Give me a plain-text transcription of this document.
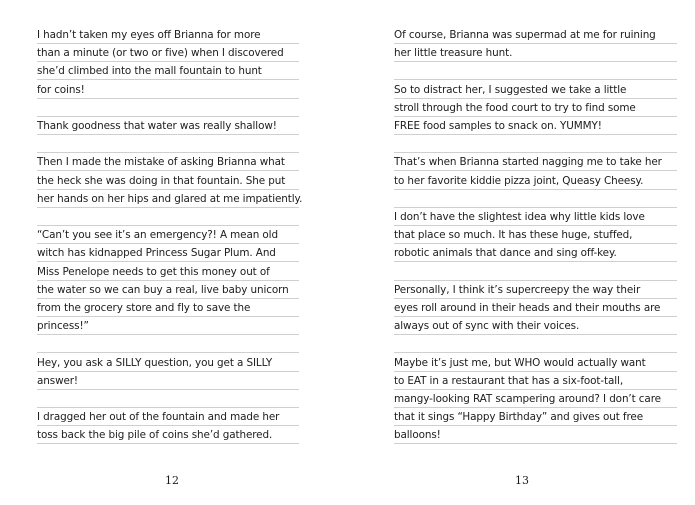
12
I hadn’t taken my eyes off Brianna for more
than a minute (or two or five) when I discovered
she’d climbed into the mall fountain to hunt
for coins!
Thank goodness that water was really shallow!
Then I made the mistake of asking Brianna what
the heck she was doing in that fountain. She put
her hands on her hips and glared at me impatiently.
“Can’t you see it’s an emergency?! A mean old
witch has kidnapped Princess Sugar Plum. And
Miss Penelope needs to get this money out of
the water so we can buy a real, live baby unicorn
from the grocery store and fly to save the
princess!”
Hey, you ask a SILLY question, you get a SILLY
answer!
I dragged her out of the fountain and made her
toss back the big pile of coins she’d gathered.
13
Of course, Brianna was supermad at me for ruining
her little treasure hunt.
So to distract her, I suggested we take a little
stroll through the food court to try to find some
FREE food samples to snack on. YUMMY!
That’s when Brianna started nagging me to take her
to her favorite kiddie pizza joint, Queasy Cheesy.
I don’t have the slightest idea why little kids love
that place so much. It has these huge, stuffed,
robotic animals that dance and sing off-key.
Personally, I think it’s supercreepy the way their
eyes roll around in their heads and their mouths are
always out of sync with their voices.
Maybe it’s just me, but WHO would actually want
to EAT in a restaurant that has a six-foot-tall,
mangy-looking RAT scampering around? I don’t care
that it sings “Happy Birthday” and gives out free
balloons!
